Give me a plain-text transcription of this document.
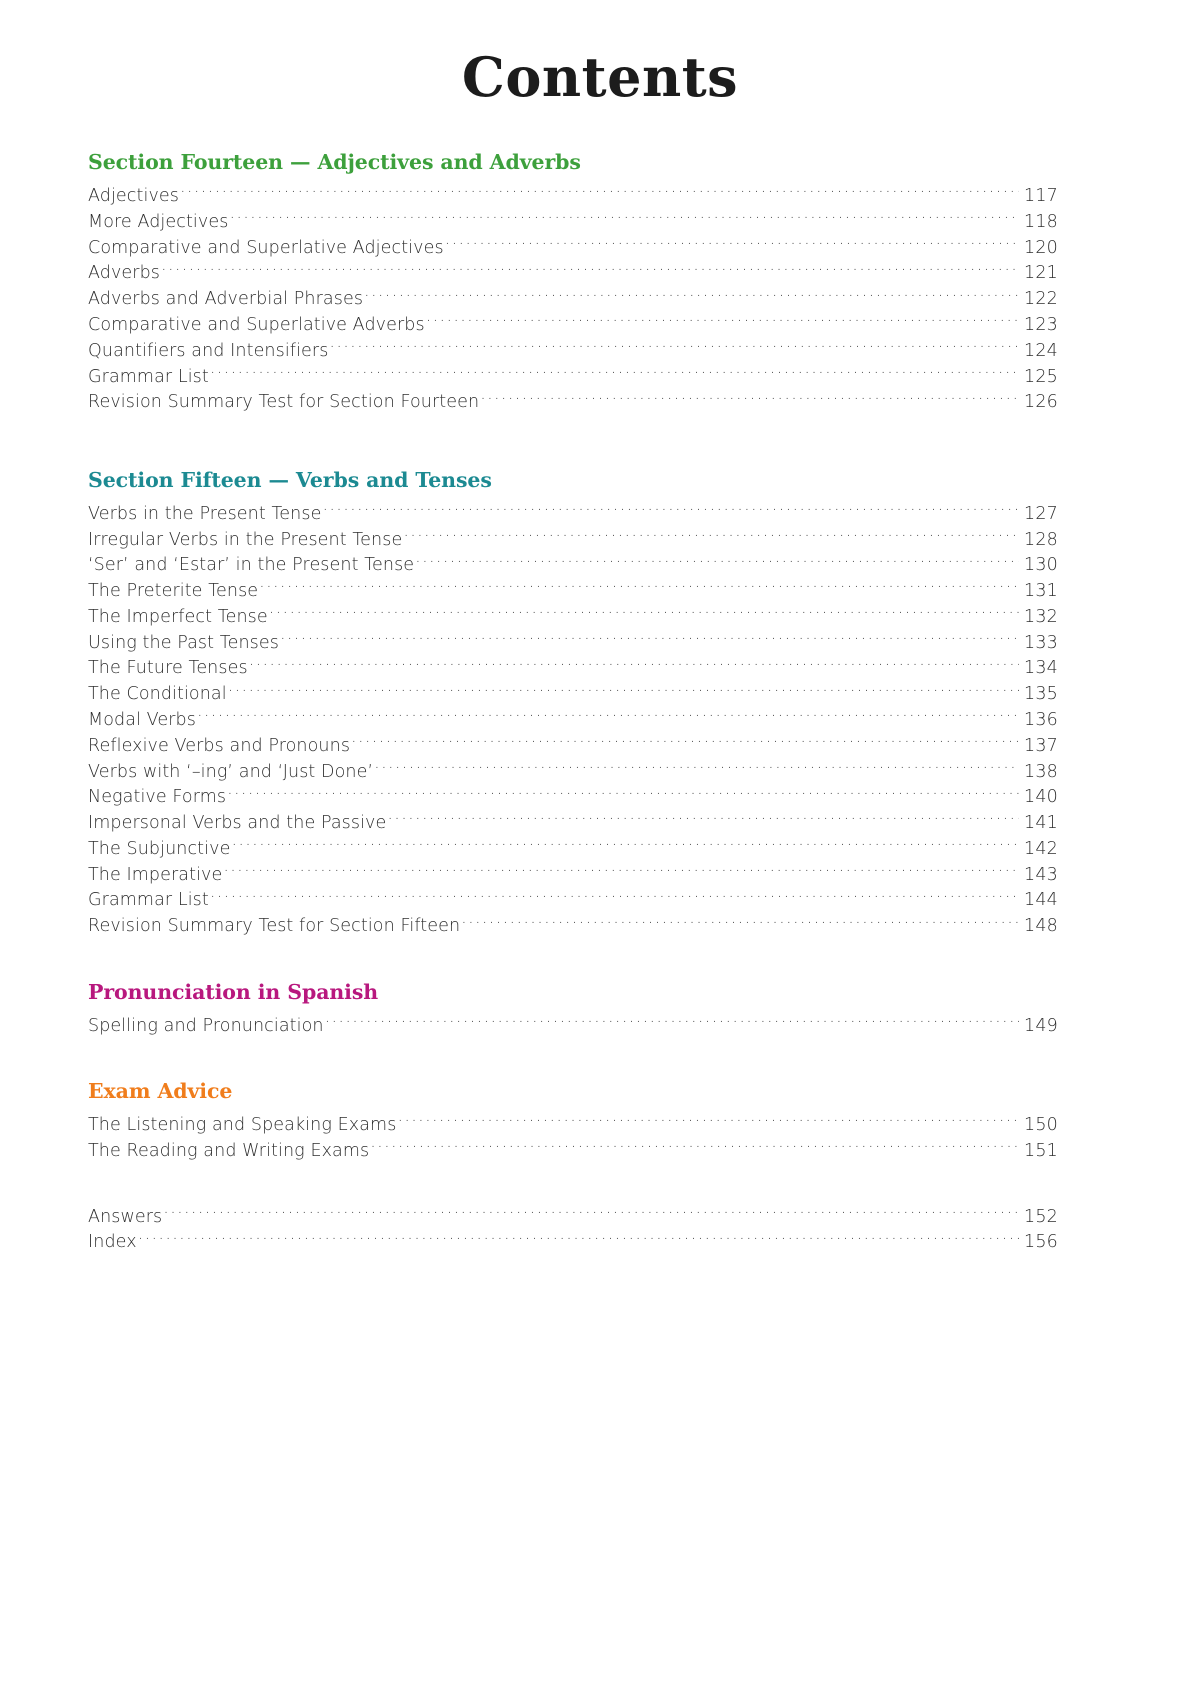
Contents
Section Fourteen — Adjectives and Adverbs
Adjectives .....	117
More Adjectives .....	118
Comparative and Superlative Adjectives .....	120
Adverbs .....	121
Adverbs and Adverbial Phrases .....	122
Comparative and Superlative Adverbs .....	123
Quantifiers and Intensifiers .....	124
Grammar List .....	125
Revision Summary Test for Section Fourteen .....	126
Section Fifteen — Verbs and Tenses
Verbs in the Present Tense .....	127
Irregular Verbs in the Present Tense .....	128
‘Ser’ and ‘Estar’ in the Present Tense .....	130
The Preterite Tense .....	131
The Imperfect Tense .....	132
Using the Past Tenses .....	133
The Future Tenses .....	134
The Conditional .....	135
Modal Verbs .....	136
Reflexive Verbs and Pronouns .....	137
Verbs with ‘–ing’ and ‘Just Done’ .....	138
Negative Forms .....	140
Impersonal Verbs and the Passive .....	141
The Subjunctive .....	142
The Imperative .....	143
Grammar List .....	144
Revision Summary Test for Section Fifteen .....	148
Pronunciation in Spanish
Spelling and Pronunciation .....	149
Exam Advice
The Listening and Speaking Exams .....	150
The Reading and Writing Exams .....	151
Answers .....	152
Index .....	156
